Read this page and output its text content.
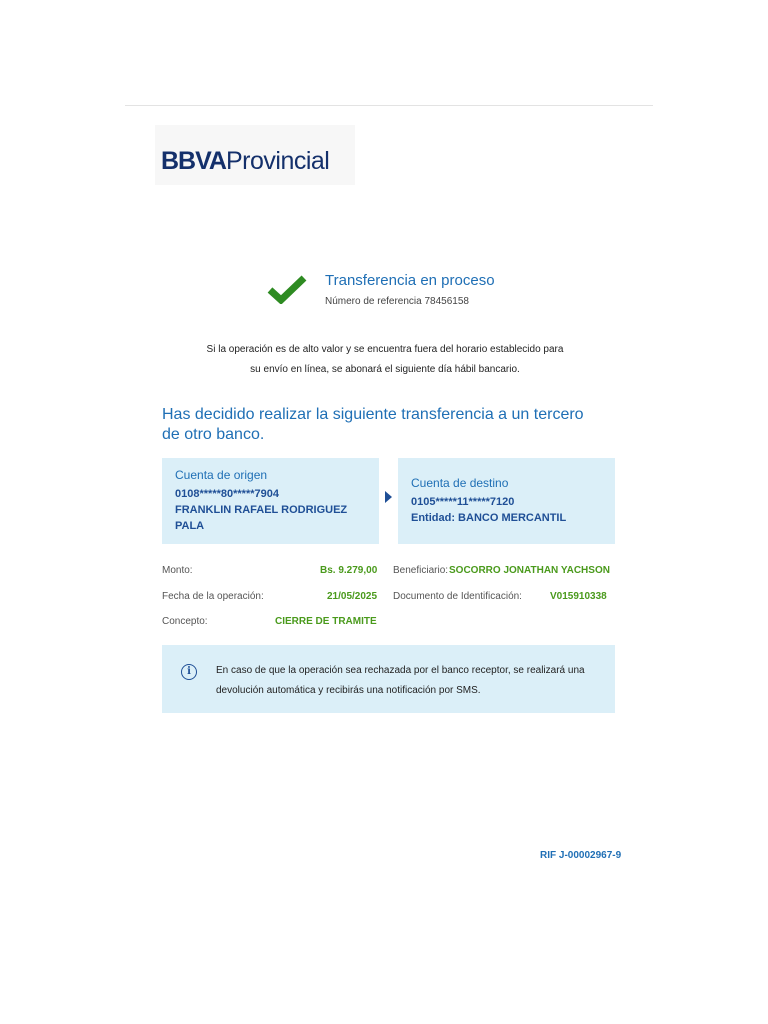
BBVAProvincial
Transferencia en proceso
Número de referencia 78456158
Si la operación es de alto valor y se encuentra fuera del horario establecido para
su envío en línea, se abonará el siguiente día hábil bancario.
Has decidido realizar la siguiente transferencia a un tercero de otro banco.
Cuenta de origen
0108*****80*****7904
FRANKLIN RAFAEL RODRIGUEZ PALA
Cuenta de destino
0105*****11*****7120
Entidad: BANCO MERCANTIL
Monto:	Bs. 9.279,00
Fecha de la operación:	21/05/2025
Concepto:	CIERRE DE TRAMITE
Beneficiario: SOCORRO JONATHAN YACHSON
Documento de Identificación:	V015910338
i	En caso de que la operación sea rechazada por el banco receptor, se realizará una
devolución automática y recibirás una notificación por SMS.
RIF J-00002967-9
